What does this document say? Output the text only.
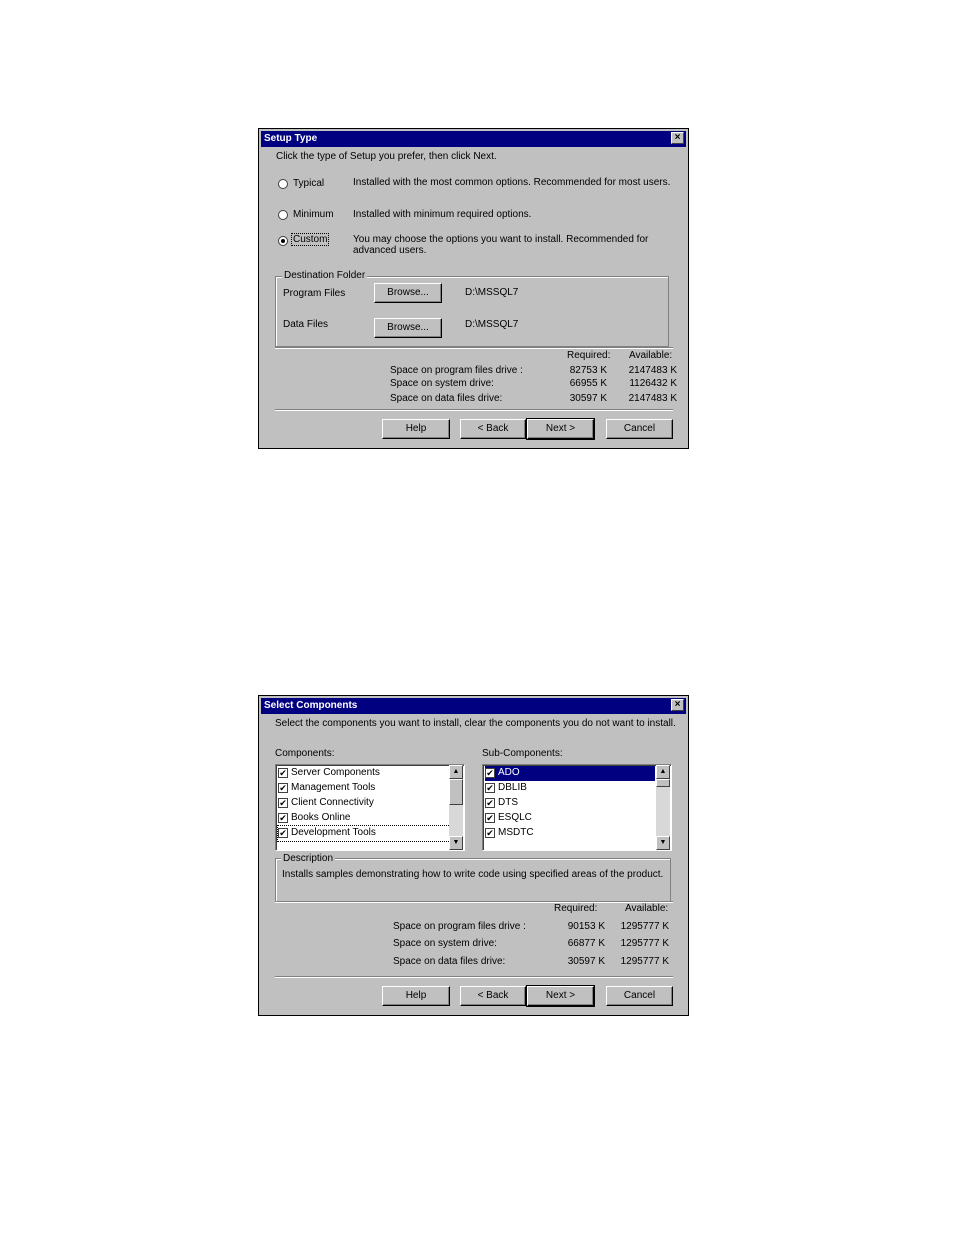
Setup Type	×
Click the type of Setup you prefer, then click Next.
Typical	Installed with the most common options. Recommended for most users.
Minimum Installed with minimum required options.
Custom	You may choose the options you want to install. Recommended for
advanced users.
Destination Folder
Program Files	Browse...	D:\MSSQL7
Data Files	Browse...	D:\MSSQL7
Required: Available:
Space on program files drive :	82753 K	2147483 K
Space on system drive:	66955 K	1126432 K
Space on data files drive:	30597 K	2147483 K
Help	< Back	Next >	Cancel
Select Components	×
Select the components you want to install, clear the components you do not want to install.
Components:	Sub-Components:
✔ Server Components
✔ Management Tools
✔ Client Connectivity
✔ Books Online
✔ Development Tools
▲
▼
✔ ADO
✔ DBLIB
✔ DTS
✔ ESQLC
✔ MSDTC
▲
▼
Description
Installs samples demonstrating how to write code using specified areas of the product.
Required:	Available:
Space on program files drive :	90153 K	1295777 K
Space on system drive:	66877 K	1295777 K
Space on data files drive:	30597 K	1295777 K
Help	< Back	Next >	Cancel
